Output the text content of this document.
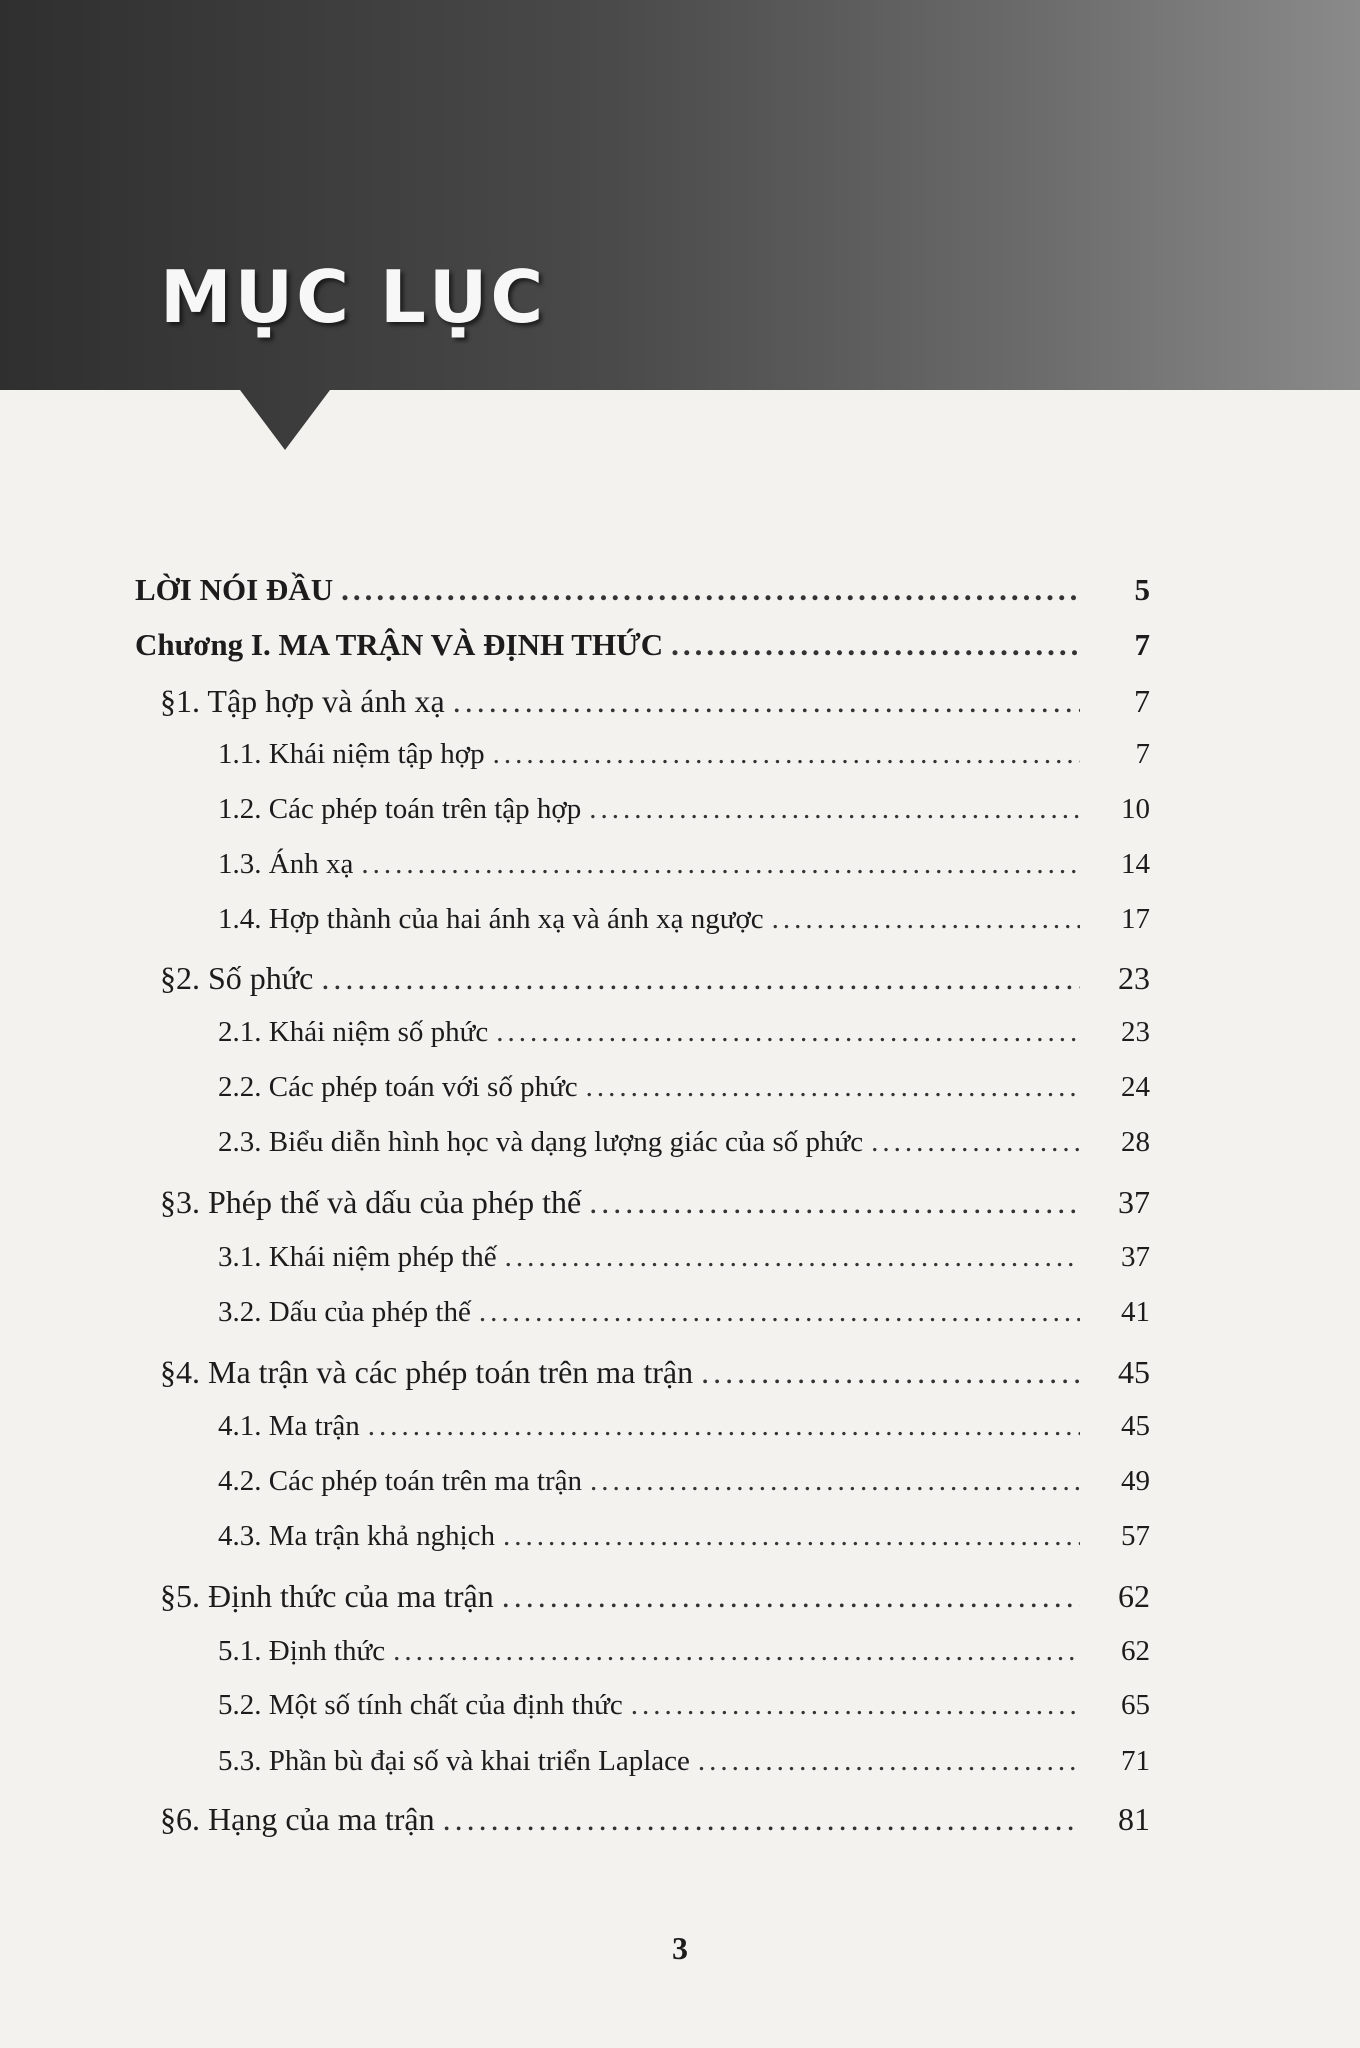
MỤC LỤC
LỜI NÓI ĐẦU .....	5
Chương I. MA TRẬN VÀ ĐỊNH THỨC .....	7
§1. Tập hợp và ánh xạ .....	7
1.1. Khái niệm tập hợp .....	7
1.2. Các phép toán trên tập hợp .....	10
1.3. Ánh xạ .....	14
1.4. Hợp thành của hai ánh xạ và ánh xạ ngược .....	17
§2. Số phức .....	23
2.1. Khái niệm số phức .....	23
2.2. Các phép toán với số phức .....	24
2.3. Biểu diễn hình học và dạng lượng giác của số phức .....	28
§3. Phép thế và dấu của phép thế .....	37
3.1. Khái niệm phép thế .....	37
3.2. Dấu của phép thế .....	41
§4. Ma trận và các phép toán trên ma trận .....	45
4.1. Ma trận .....	45
4.2. Các phép toán trên ma trận .....	49
4.3. Ma trận khả nghịch .....	57
§5. Định thức của ma trận .....	62
5.1. Định thức .....	62
5.2. Một số tính chất của định thức .....	65
5.3. Phần bù đại số và khai triển Laplace .....	71
§6. Hạng của ma trận .....	81
3
